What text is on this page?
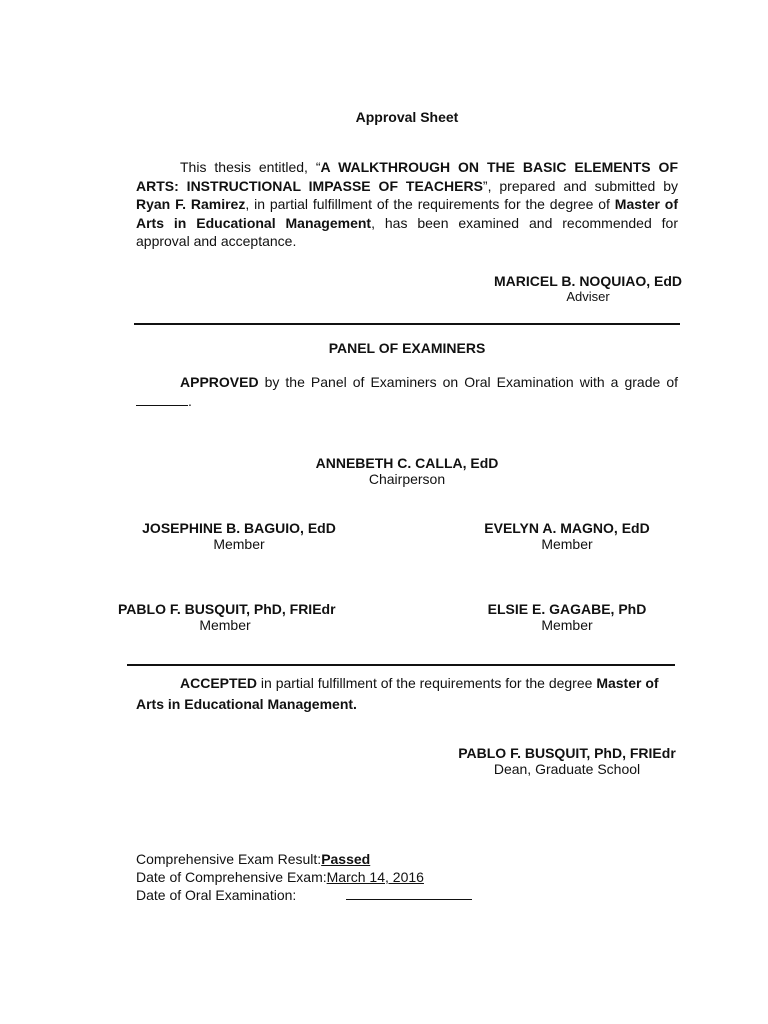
Approval Sheet

This thesis entitled, “A WALKTHROUGH ON THE BASIC ELEMENTS OF ARTS: INSTRUCTIONAL IMPASSE OF TEACHERS”, prepared and submitted by Ryan F. Ramirez, in partial fulfillment of the requirements for the degree of Master of Arts in Educational Management, has been examined and recommended for approval and acceptance.

MARICEL B. NOQUIAO, EdD
Adviser
PANEL OF EXAMINERS

APPROVED by the Panel of Examiners on Oral Examination with a grade of .

ANNEBETH C. CALLA, EdD
Chairperson
JOSEPHINE B. BAGUIO, EdD
Member
EVELYN A. MAGNO, EdD
Member
PABLO F. BUSQUIT, PhD, FRIEdr
Member
ELSIE E. GAGABE, PhD
Member

ACCEPTED in partial fulfillment of the requirements for the degree Master of Arts in Educational Management.

PABLO F. BUSQUIT, PhD, FRIEdr
Dean, Graduate School
Comprehensive Exam Result: Passed
Date of Comprehensive Exam: March 14, 2016
Date of Oral Examination:
